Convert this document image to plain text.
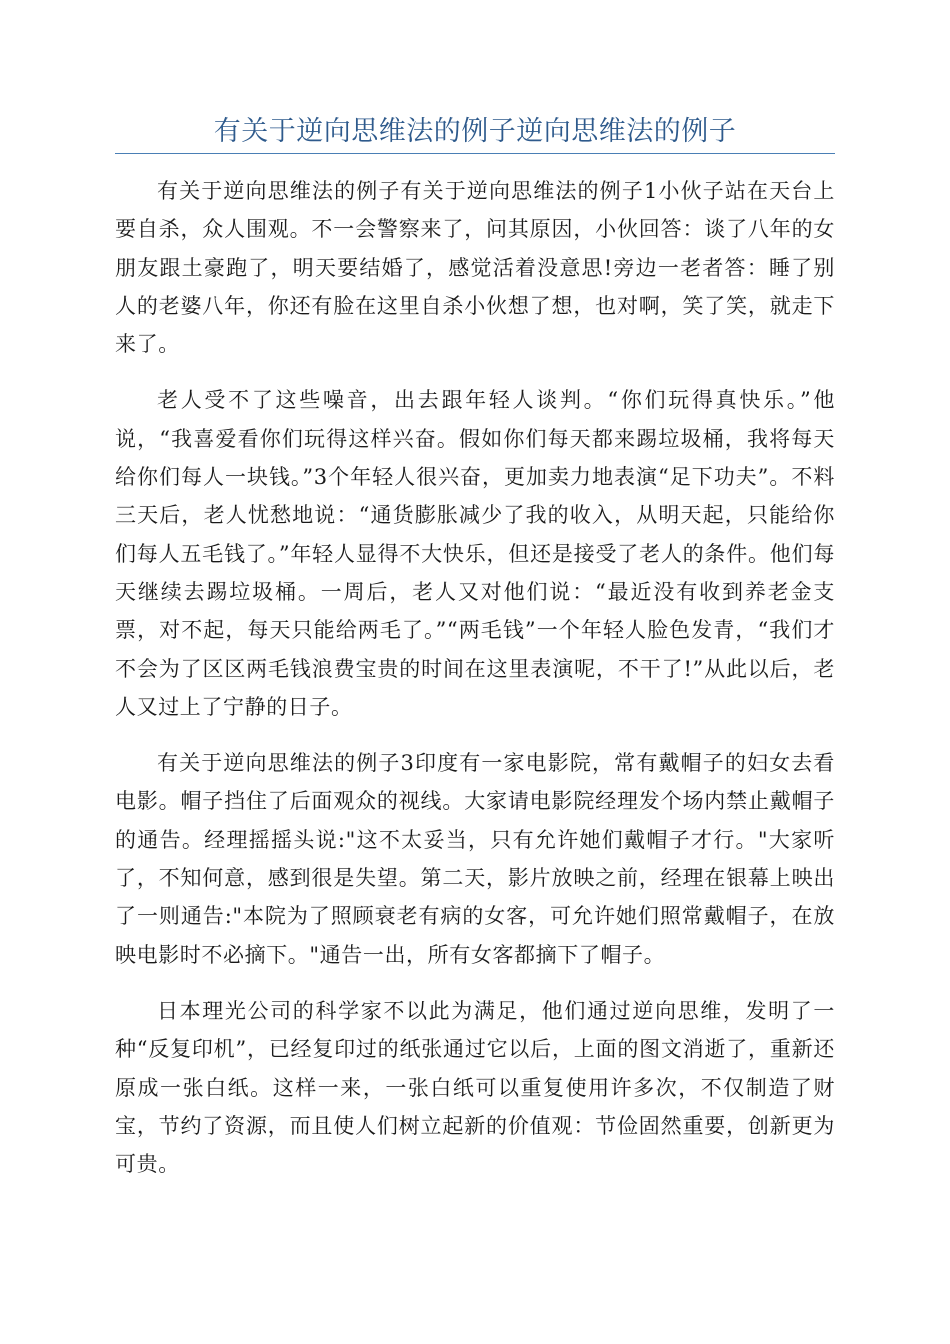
有关于逆向思维法的例子逆向思维法的例子

有关于逆向思维法的例子有关于逆向思维法的例子1小伙子站在天台上要自杀，众人围观。不一会警察来了，问其原因，小伙回答：谈了八年的女朋友跟土豪跑了，明天要结婚了，感觉活着没意思!旁边一老者答：睡了别人的老婆八年，你还有脸在这里自杀小伙想了想，也对啊，笑了笑，就走下来了。

老人受不了这些噪音，出去跟年轻人谈判。“你们玩得真快乐。”他说，“我喜爱看你们玩得这样兴奋。假如你们每天都来踢垃圾桶，我将每天给你们每人一块钱。”3个年轻人很兴奋，更加卖力地表演“足下功夫”。不料三天后，老人忧愁地说：“通货膨胀减少了我的收入，从明天起，只能给你们每人五毛钱了。”年轻人显得不大快乐，但还是接受了老人的条件。他们每天继续去踢垃圾桶。一周后，老人又对他们说：“最近没有收到养老金支票，对不起，每天只能给两毛了。”“两毛钱”一个年轻人脸色发青，“我们才不会为了区区两毛钱浪费宝贵的时间在这里表演呢，不干了!”从此以后，老人又过上了宁静的日子。

有关于逆向思维法的例子3印度有一家电影院，常有戴帽子的妇女去看电影。帽子挡住了后面观众的视线。大家请电影院经理发个场内禁止戴帽子的通告。经理摇摇头说:"这不太妥当，只有允许她们戴帽子才行。"大家听了，不知何意，感到很是失望。第二天，影片放映之前，经理在银幕上映出了一则通告:"本院为了照顾衰老有病的女客，可允许她们照常戴帽子，在放映电影时不必摘下。"通告一出，所有女客都摘下了帽子。

日本理光公司的科学家不以此为满足，他们通过逆向思维，发明了一种“反复印机”，已经复印过的纸张通过它以后，上面的图文消逝了，重新还原成一张白纸。这样一来，一张白纸可以重复使用许多次，不仅制造了财宝，节约了资源，而且使人们树立起新的价值观：节俭固然重要，创新更为可贵。
